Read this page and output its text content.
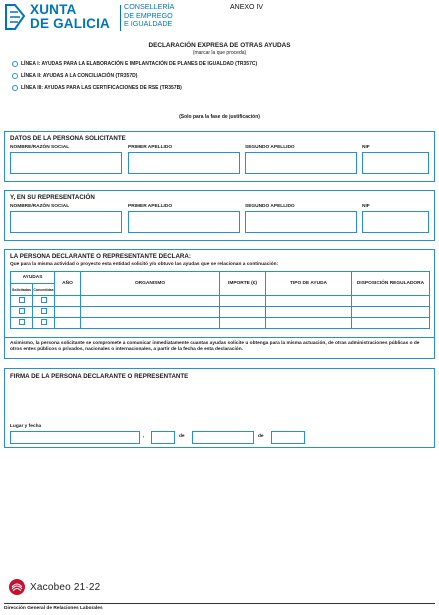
XUNTA
DE GALICIA
CONSELLERÍA
DE EMPREGO
E IGUALDADE
ANEXO IV
DECLARACIÓN EXPRESA DE OTRAS AYUDAS
(marcar la que proceda)
LÍNEA I: AYUDAS PARA LA ELABORACIÓN E IMPLANTACIÓN DE PLANES DE IGUALDAD (TR357C)
LÍNEA II: AYUDAS A LA CONCILIACIÓN (TR357D)
LÍNEA III: AYUDAS PARA LAS CERTIFICACIONES DE RSE (TR357B)
(Solo para la fase de justificación)
DATOS DE LA PERSONA SOLICITANTE
NOMBRE/RAZÓN SOCIAL	PRIMER APELLIDO	SEGUNDO APELLIDO	NIF
Y, EN SU REPRESENTACIÓN
NOMBRE/RAZÓN SOCIAL	PRIMER APELLIDO	SEGUNDO APELLIDO	NIF
LA PERSONA DECLARANTE O REPRESENTANTE DECLARA:
Que para la misma actividad o proyecto esta entidad solicitó y/o obtuvo las ayudas que se relacionan a continuación:
AYUDAS		AÑO	ORGANISMO	IMPORTE (€)	TIPO DE AYUDA	DISPOSICIÓN REGULADORA
Solicitadas	Concedidas					

Asimismo, la persona solicitante se compromete a comunicar inmediatamente cuantas ayudas solicite u obtenga para la misma actuación, de otras administraciones públicas o de otros entes públicos o privados, nacionales o internacionales, a partir de la fecha de esta declaración.
FIRMA DE LA PERSONA DECLARANTE O REPRESENTANTE
Lugar y fecha
,	de	de
Xacobeo 21·22
Dirección General de Relaciones Laborales
